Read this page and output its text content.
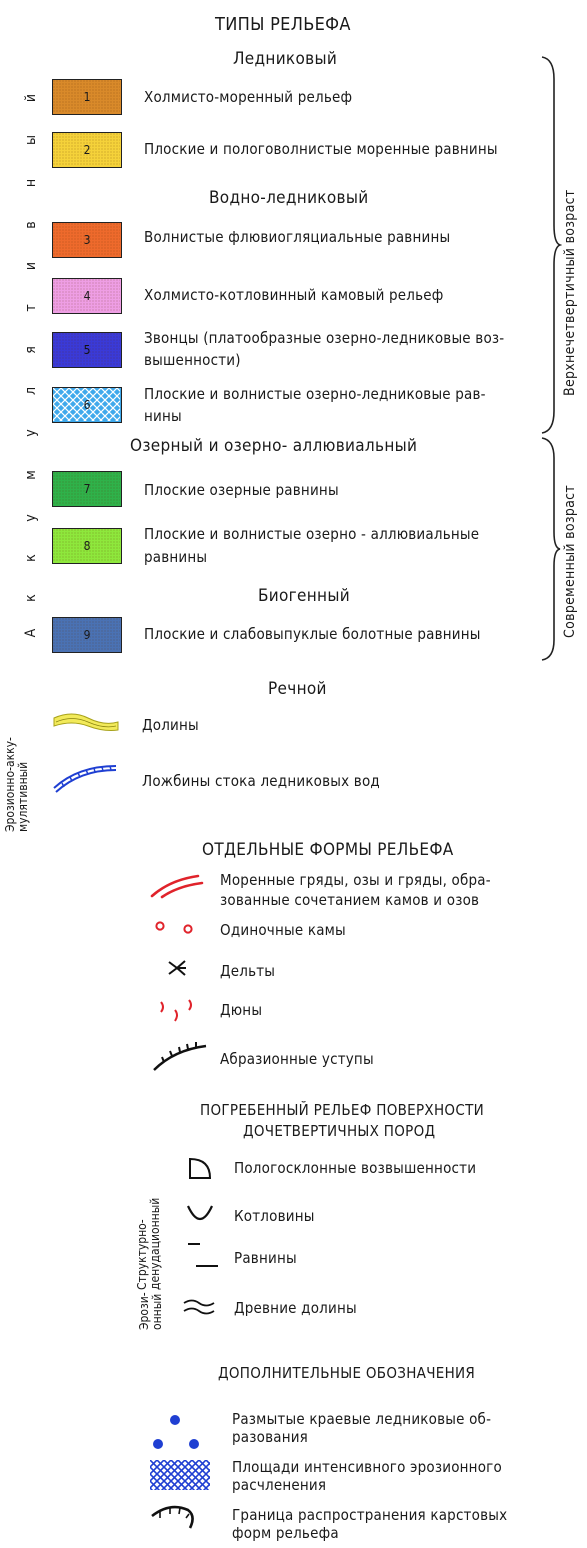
ТИПЫ РЕЛЬЕФА
А
к
к
у
м
у
л
я
т
и
в
н
ы
й
Ледниковый
Водно-ледниковый
Озерный и озерно- аллювиальный
Биогенный
Речной
1
2
3
4
5
6
7
8
9
Холмисто-моренный рельеф
Плоские и пологоволнистые моренные равнины
Волнистые флювиогляциальные равнины
Холмисто-котловинный камовый рельеф
Звонцы (платообразные озерно-ледниковые воз-
вышенности)
Плоские и волнистые озерно-ледниковые рав-
нины
Плоские озерные равнины
Плоские и волнистые озерно - аллювиальные
равнины
Плоские и слабовыпуклые болотные равнины
Верхнечетвертичный возраст
Современный возраст
Эрозионно-акку- мулятивный
Долины
Ложбины стока ледниковых вод
ОТДЕЛЬНЫЕ ФОРМЫ РЕЛЬЕФА
Моренные гряды, озы и гряды, обра-
зованные сочетанием камов и озов
Одиночные камы
Дельты
Дюны
Абразионные уступы
ПОГРЕБЕННЫЙ РЕЛЬЕФ ПОВЕРХНОСТИ
ДОЧЕТВЕРТИЧНЫХ ПОРОД
Структурно- денудационный
Пологосклонные возвышенности
Котловины
Равнины
Эрози- онный	Древние долины
ДОПОЛНИТЕЛЬНЫЕ ОБОЗНАЧЕНИЯ
Размытые краевые ледниковые об-
разования
Площади интенсивного эрозионного
расчленения
Граница распространения карстовых
форм рельефа
